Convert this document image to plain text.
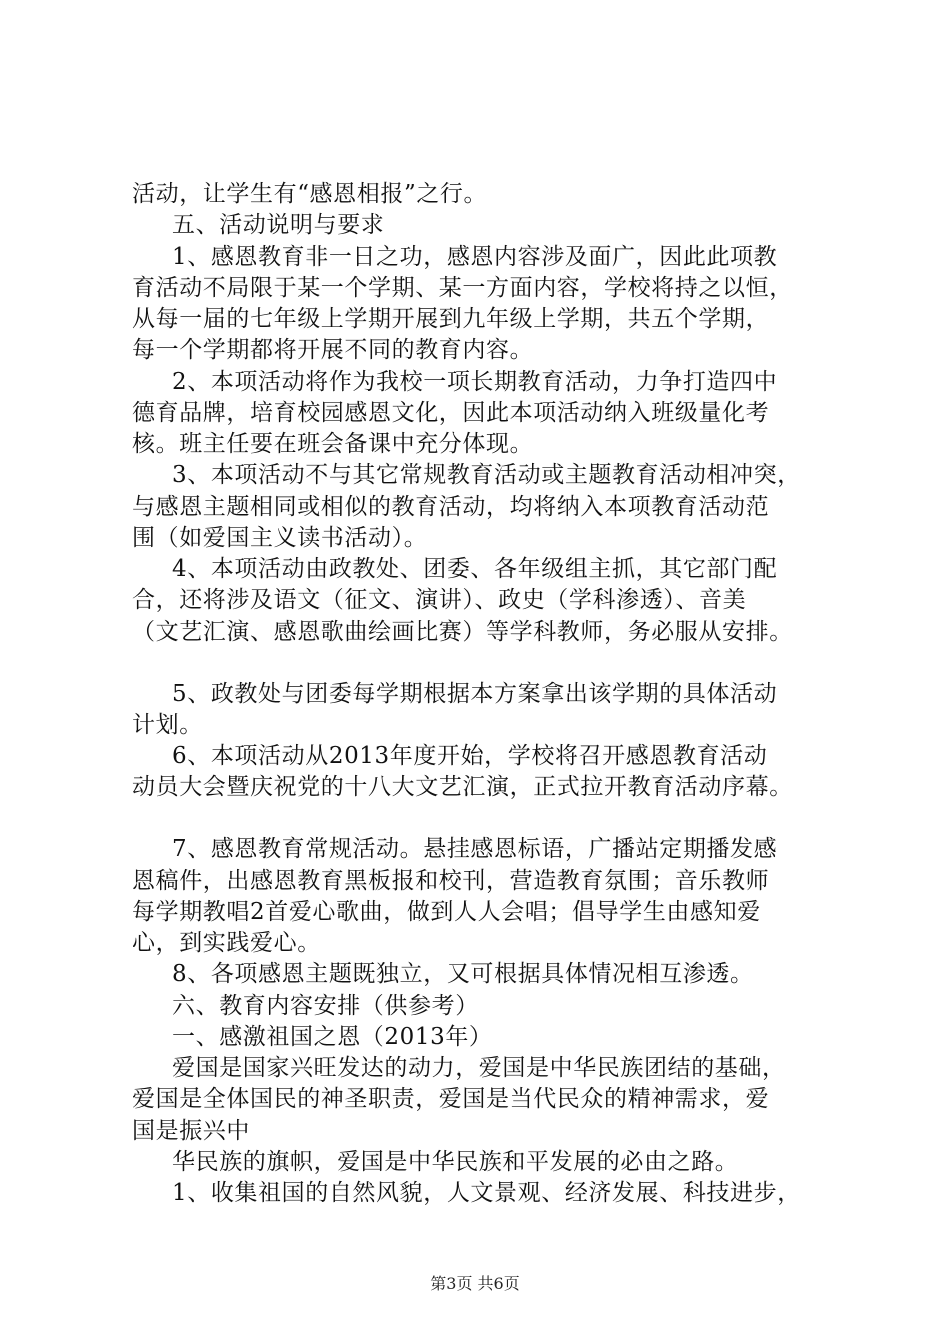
活动，让学生有“感恩相报”之行。
五、活动说明与要求
1、感恩教育非一日之功，感恩内容涉及面广，因此此项教
育活动不局限于某一个学期、某一方面内容，学校将持之以恒，
从每一届的七年级上学期开展到九年级上学期，共五个学期，
每一个学期都将开展不同的教育内容。
2、本项活动将作为我校一项长期教育活动，力争打造四中
德育品牌，培育校园感恩文化，因此本项活动纳入班级量化考
核。班主任要在班会备课中充分体现。
3、本项活动不与其它常规教育活动或主题教育活动相冲突，
与感恩主题相同或相似的教育活动，均将纳入本项教育活动范
围（如爱国主义读书活动）。
4、本项活动由政教处、团委、各年级组主抓，其它部门配
合，还将涉及语文（征文、演讲）、政史（学科渗透）、音美
（文艺汇演、感恩歌曲绘画比赛）等学科教师，务必服从安排。
5、政教处与团委每学期根据本方案拿出该学期的具体活动
计划。
6、本项活动从2013年度开始，学校将召开感恩教育活动
动员大会暨庆祝党的十八大文艺汇演，正式拉开教育活动序幕。
7、感恩教育常规活动。悬挂感恩标语，广播站定期播发感
恩稿件，出感恩教育黑板报和校刊，营造教育氛围；音乐教师
每学期教唱2首爱心歌曲，做到人人会唱；倡导学生由感知爱
心，到实践爱心。
8、各项感恩主题既独立，又可根据具体情况相互渗透。
六、教育内容安排（供参考）
一、感激祖国之恩（2013年）
爱国是国家兴旺发达的动力，爱国是中华民族团结的基础，
爱国是全体国民的神圣职责，爱国是当代民众的精神需求，爱
国是振兴中
华民族的旗帜，爱国是中华民族和平发展的必由之路。
1、收集祖国的自然风貌，人文景观、经济发展、科技进步，
第3页 共6页
